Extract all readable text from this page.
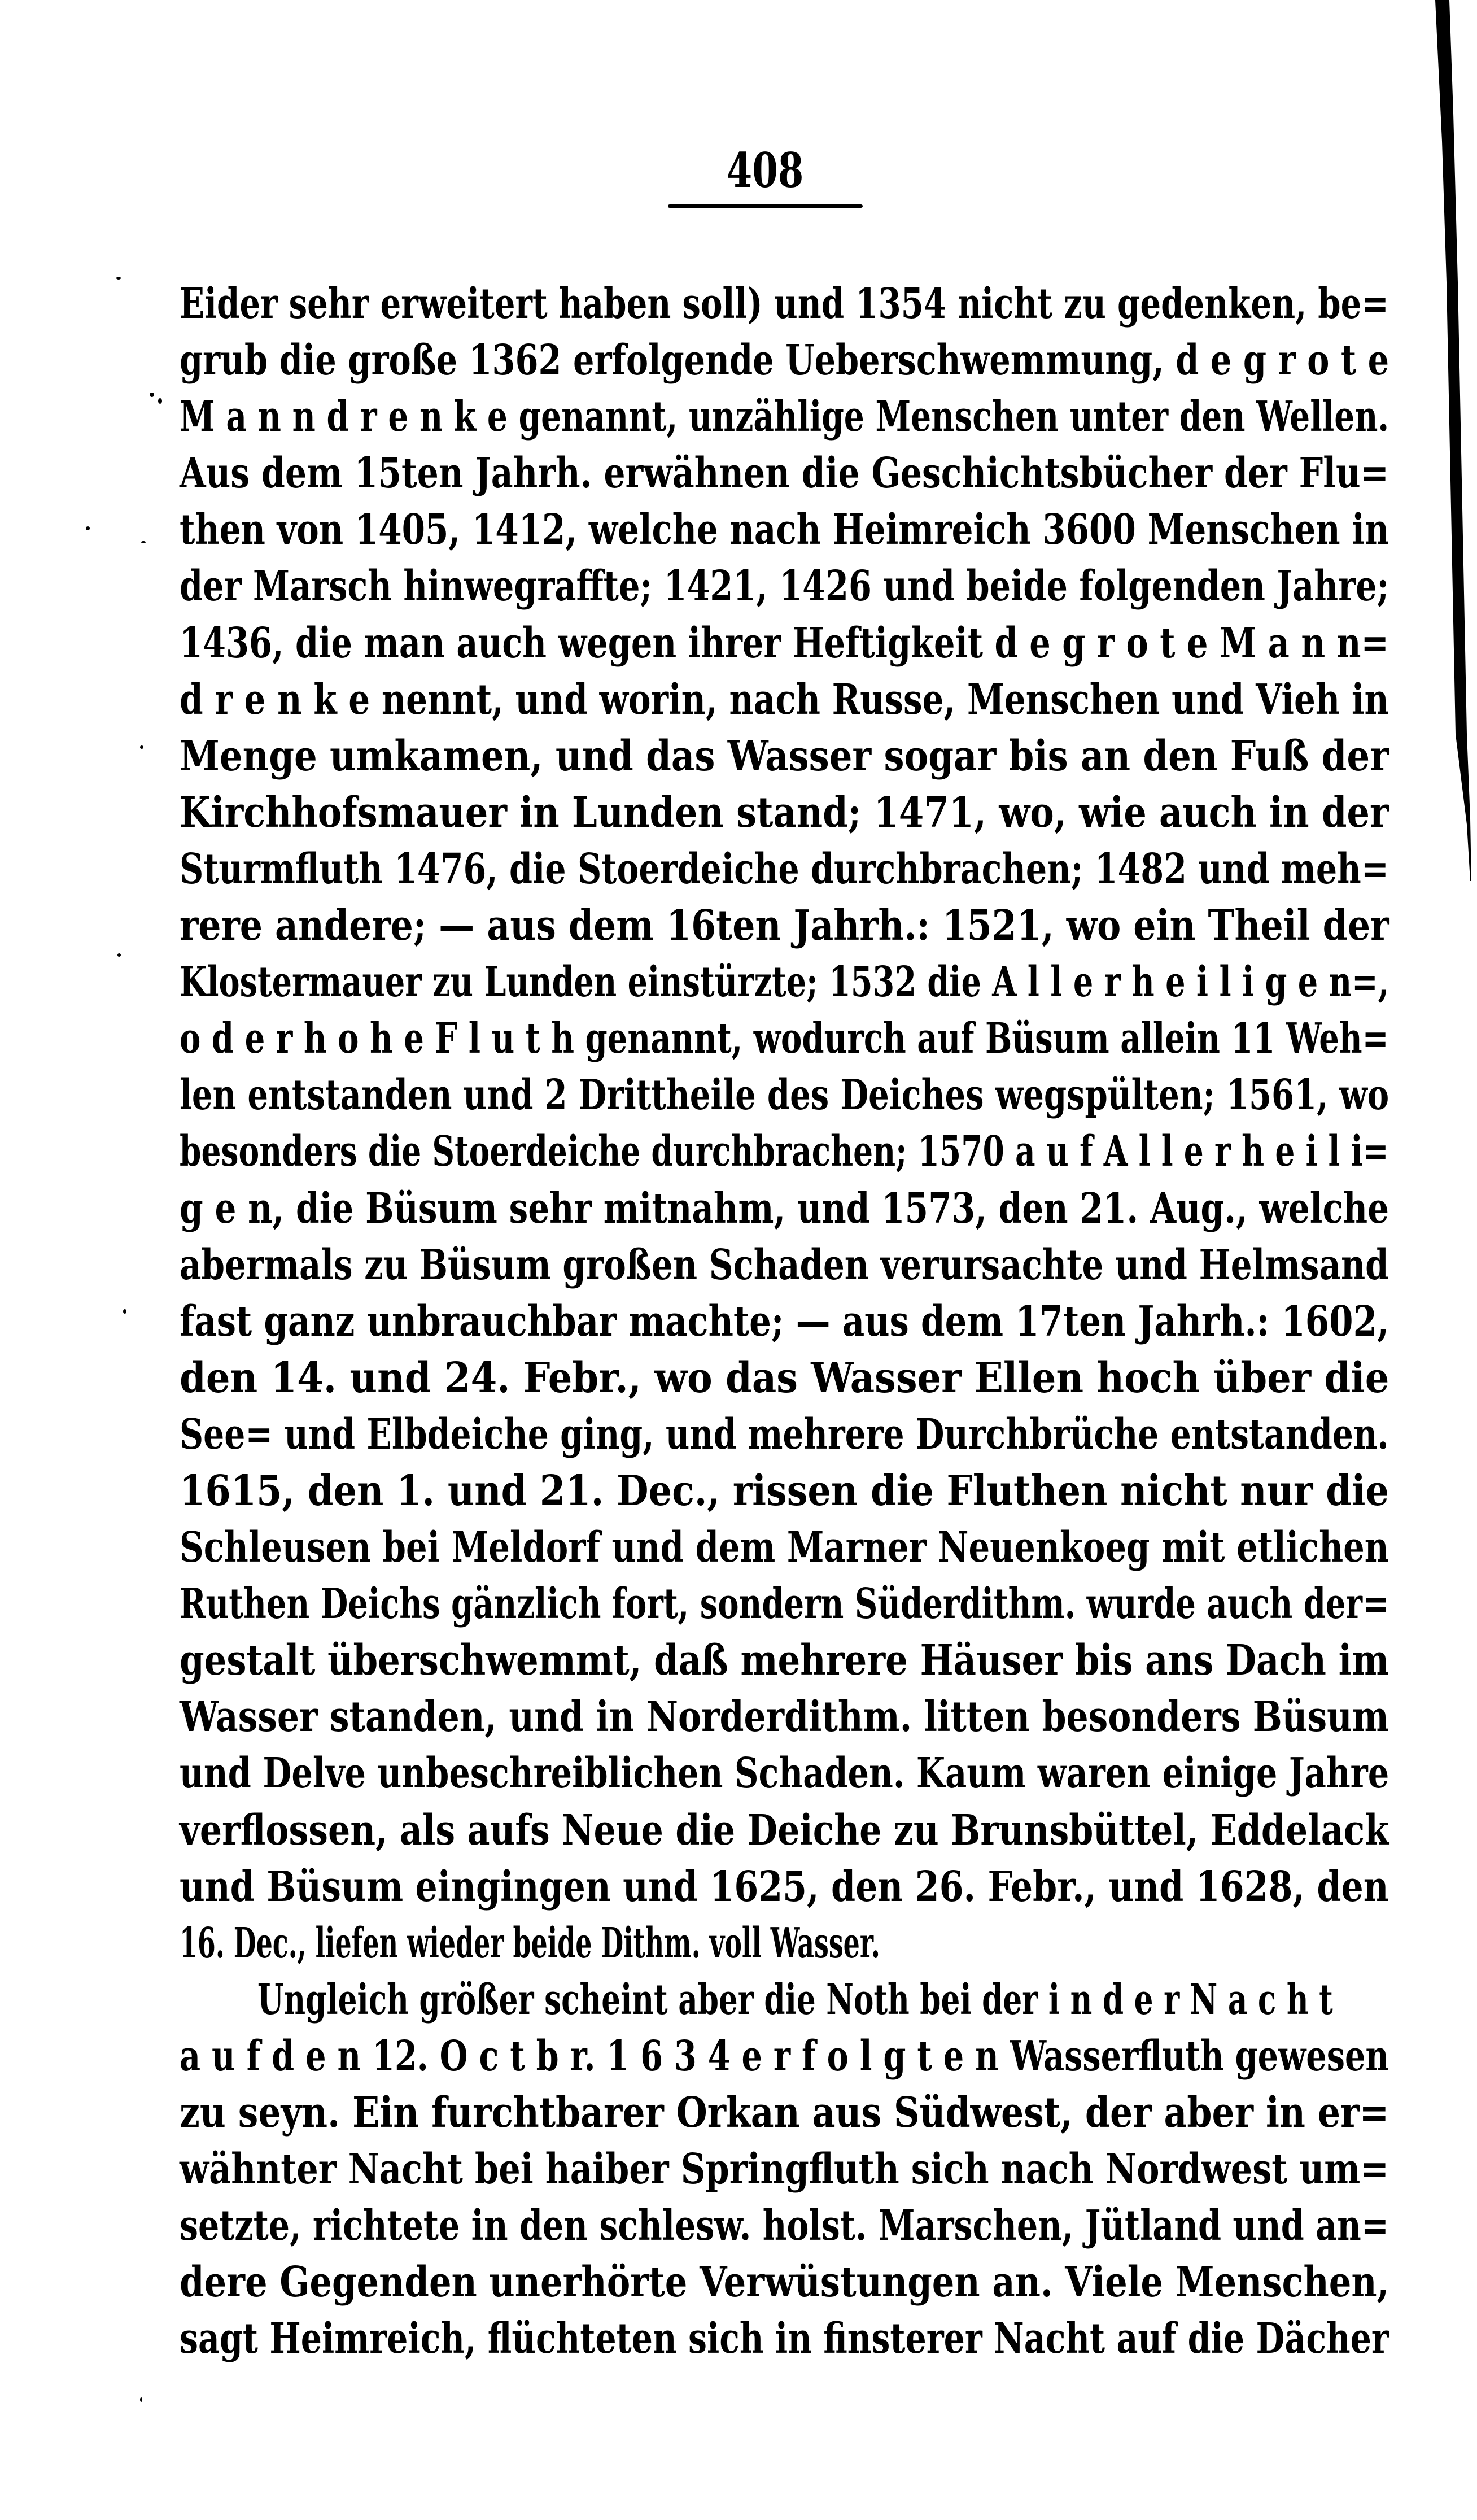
408
Eider sehr erweitert haben soll) und 1354 nicht zu gedenken, be=
grub die große 1362 erfolgende Ueberschwemmung, d e g r o t e
M a n n d r e n k e genannt, unzählige Menschen unter den Wellen.
Aus dem 15ten Jahrh. erwähnen die Geschichtsbücher der Flu=
then von 1405, 1412, welche nach Heimreich 3600 Menschen in
der Marsch hinwegraffte; 1421, 1426 und beide folgenden Jahre;
1436, die man auch wegen ihrer Heftigkeit d e g r o t e M a n n=
d r e n k e nennt, und worin, nach Russe, Menschen und Vieh in
Menge umkamen, und das Wasser sogar bis an den Fuß der
Kirchhofsmauer in Lunden stand; 1471, wo, wie auch in der
Sturmfluth 1476, die Stoerdeiche durchbrachen; 1482 und meh=
rere andere; — aus dem 16ten Jahrh.: 1521, wo ein Theil der
Klostermauer zu Lunden einstürzte; 1532 die A l l e r h e i l i g e n=,
o d e r h o h e F l u t h genannt, wodurch auf Büsum allein 11 Weh=
len entstanden und 2 Drittheile des Deiches wegspülten; 1561, wo
besonders die Stoerdeiche durchbrachen; 1570 a u f A l l e r h e i l i=
g e n, die Büsum sehr mitnahm, und 1573, den 21. Aug., welche
abermals zu Büsum großen Schaden verursachte und Helmsand
fast ganz unbrauchbar machte; — aus dem 17ten Jahrh.: 1602,
den 14. und 24. Febr., wo das Wasser Ellen hoch über die
See= und Elbdeiche ging, und mehrere Durchbrüche entstanden.
1615, den 1. und 21. Dec., rissen die Fluthen nicht nur die
Schleusen bei Meldorf und dem Marner Neuenkoeg mit etlichen
Ruthen Deichs gänzlich fort, sondern Süderdithm. wurde auch der=
gestalt überschwemmt, daß mehrere Häuser bis ans Dach im
Wasser standen, und in Norderdithm. litten besonders Büsum
und Delve unbeschreiblichen Schaden. Kaum waren einige Jahre
verflossen, als aufs Neue die Deiche zu Brunsbüttel, Eddelack
und Büsum eingingen und 1625, den 26. Febr., und 1628, den
16. Dec., liefen wieder beide Dithm. voll Wasser.
Ungleich größer scheint aber die Noth bei der i n d e r N a c h t
a u f d e n 12. O c t b r. 1 6 3 4 e r f o l g t e n Wasserfluth gewesen
zu seyn. Ein furchtbarer Orkan aus Südwest, der aber in er=
wähnter Nacht bei haiber Springfluth sich nach Nordwest um=
setzte, richtete in den schlesw. holst. Marschen, Jütland und an=
dere Gegenden unerhörte Verwüstungen an. Viele Menschen,
sagt Heimreich, flüchteten sich in finsterer Nacht auf die Dächer
